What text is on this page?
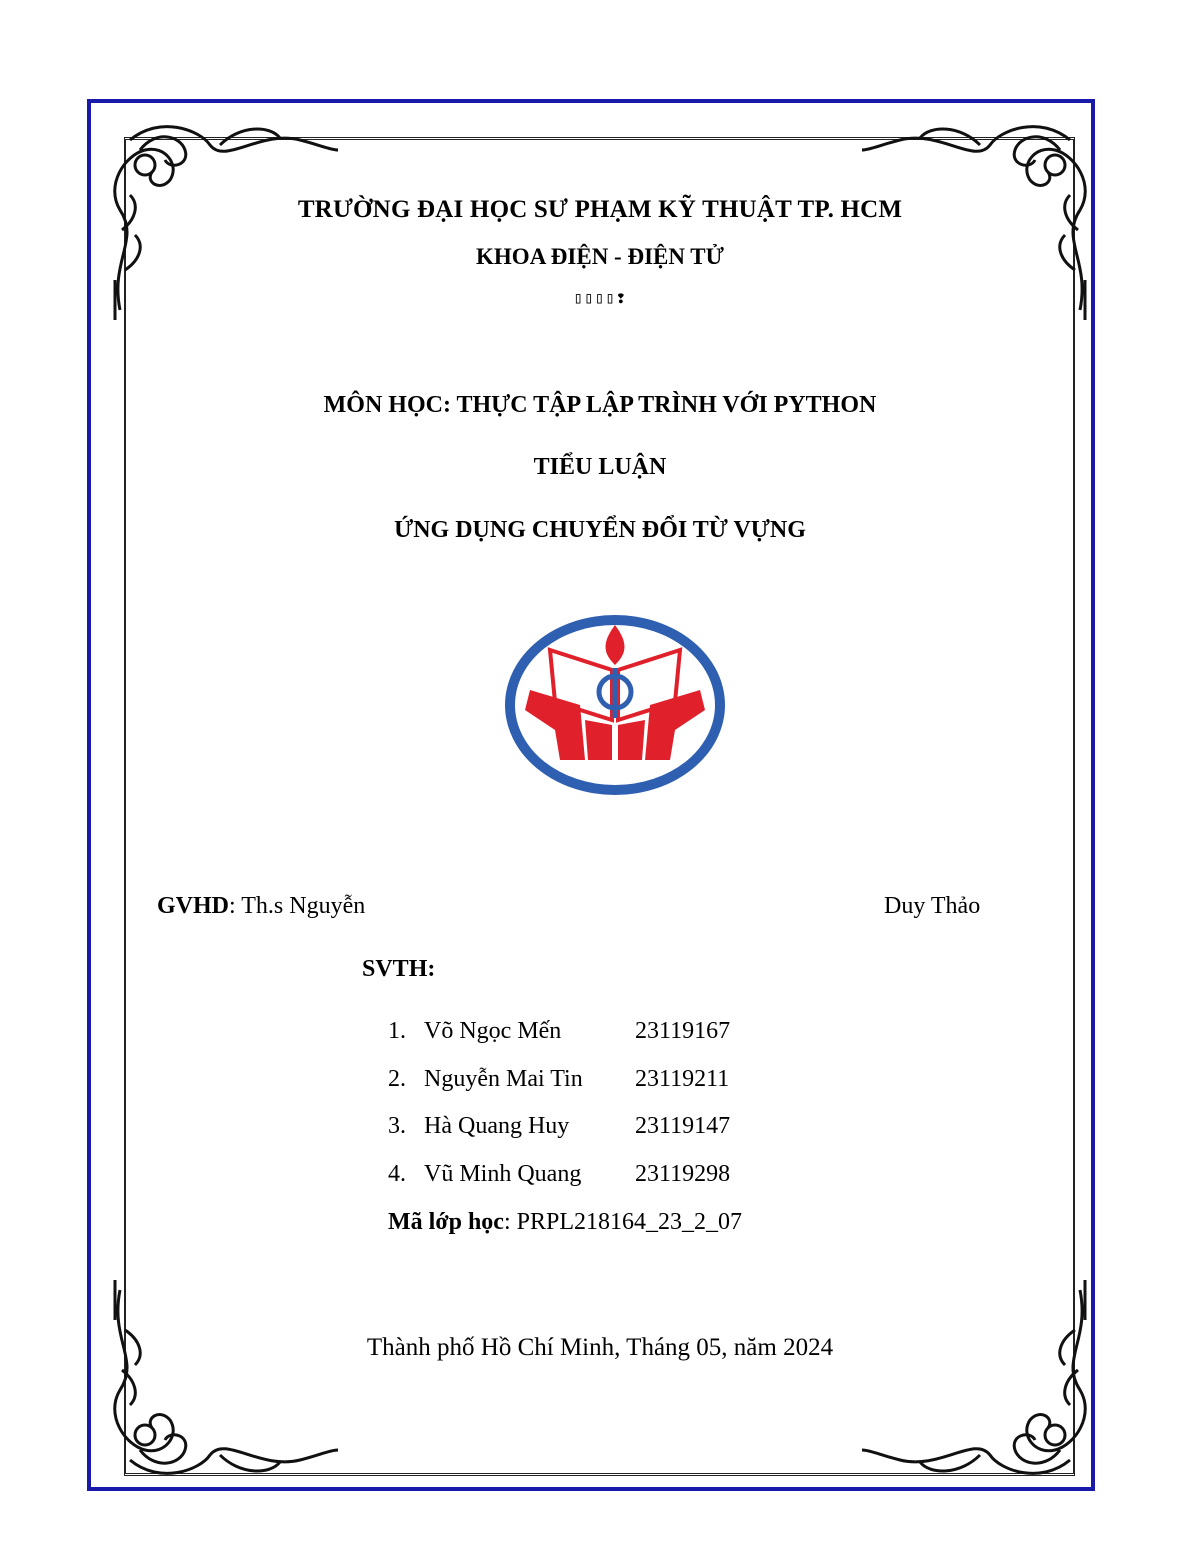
TRƯỜNG ĐẠI HỌC SƯ PHẠM KỸ THUẬT TP. HCM
KHOA ĐIỆN - ĐIỆN TỬ
▯▯▯▯❢
MÔN HỌC: THỰC TẬP LẬP TRÌNH VỚI PYTHON
TIỂU LUẬN
ỨNG DỤNG CHUYỂN ĐỔI TỪ VỰNG
GVHD: Th.s Nguyễn	Duy Thảo
SVTH:
1. Võ Ngọc Mến	23119167
2. Nguyễn Mai Tin	23119211
3. Hà Quang Huy	23119147
4. Vũ Minh Quang	23119298
Mã lớp học: PRPL218164_23_2_07
Thành phố Hồ Chí Minh, Tháng 05, năm 2024
